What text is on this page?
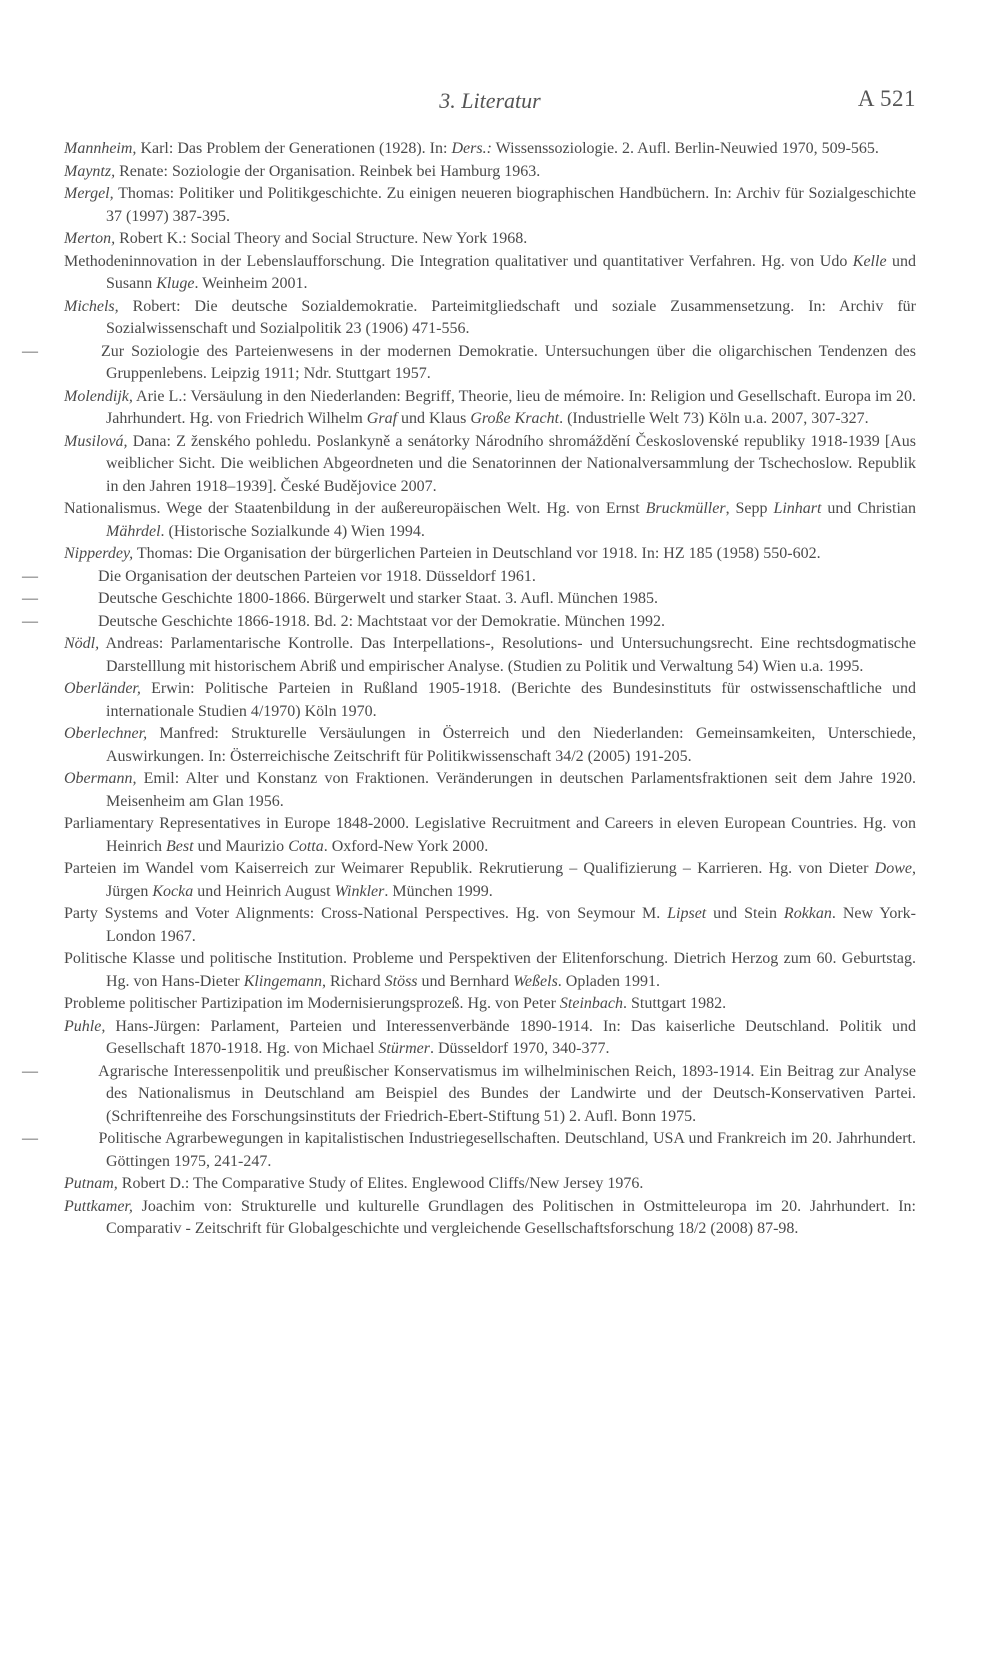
3. Literatur	A 521

Mannheim, Karl: Das Problem der Generationen (1928). In: Ders.: Wissenssoziologie. 2. Aufl. Berlin-Neuwied 1970, 509-565.

Mayntz, Renate: Soziologie der Organisation. Reinbek bei Hamburg 1963.

Mergel, Thomas: Politiker und Politikgeschichte. Zu einigen neueren biographischen Handbüchern. In: Archiv für Sozialgeschichte 37 (1997) 387-395.

Merton, Robert K.: Social Theory and Social Structure. New York 1968.

Methodeninnovation in der Lebenslaufforschung. Die Integration qualitativer und quantitativer Verfahren. Hg. von Udo Kelle und Susann Kluge. Weinheim 2001.

Michels, Robert: Die deutsche Sozialdemokratie. Parteimitgliedschaft und soziale Zusammensetzung. In: Archiv für Sozialwissenschaft und Sozialpolitik 23 (1906) 471-556.

—	Zur Soziologie des Parteienwesens in der modernen Demokratie. Untersuchungen über die oligarchischen Tendenzen des Gruppenlebens. Leipzig 1911; Ndr. Stuttgart 1957.

Molendijk, Arie L.: Versäulung in den Niederlanden: Begriff, Theorie, lieu de mémoire. In: Religion und Gesellschaft. Europa im 20. Jahrhundert. Hg. von Friedrich Wilhelm Graf und Klaus Große Kracht. (Industrielle Welt 73) Köln u.a. 2007, 307-327.

Musilová, Dana: Z ženského pohledu. Poslankyně a senátorky Národního shromáždění Československé republiky 1918-1939 [Aus weiblicher Sicht. Die weiblichen Abgeordneten und die Senatorinnen der Nationalversammlung der Tschechoslow. Republik in den Jahren 1918–1939]. České Budějovice 2007.

Nationalismus. Wege der Staatenbildung in der außereuropäischen Welt. Hg. von Ernst Bruckmüller, Sepp Linhart und Christian Mährdel. (Historische Sozialkunde 4) Wien 1994.

Nipperdey, Thomas: Die Organisation der bürgerlichen Parteien in Deutschland vor 1918. In: HZ 185 (1958) 550-602.

—	Die Organisation der deutschen Parteien vor 1918. Düsseldorf 1961.

—	Deutsche Geschichte 1800-1866. Bürgerwelt und starker Staat. 3. Aufl. München 1985.

—	Deutsche Geschichte 1866-1918. Bd. 2: Machtstaat vor der Demokratie. München 1992.

Nödl, Andreas: Parlamentarische Kontrolle. Das Interpellations-, Resolutions- und Untersuchungsrecht. Eine rechtsdogmatische Darstelllung mit historischem Abriß und empirischer Analyse. (Studien zu Politik und Verwaltung 54) Wien u.a. 1995.

Oberländer, Erwin: Politische Parteien in Rußland 1905-1918. (Berichte des Bundesinstituts für ostwissenschaftliche und internationale Studien 4/1970) Köln 1970.

Oberlechner, Manfred: Strukturelle Versäulungen in Österreich und den Niederlanden: Gemeinsamkeiten, Unterschiede, Auswirkungen. In: Österreichische Zeitschrift für Politikwissenschaft 34/2 (2005) 191-205.

Obermann, Emil: Alter und Konstanz von Fraktionen. Veränderungen in deutschen Parlamentsfraktionen seit dem Jahre 1920. Meisenheim am Glan 1956.

Parliamentary Representatives in Europe 1848-2000. Legislative Recruitment and Careers in eleven European Countries. Hg. von Heinrich Best und Maurizio Cotta. Oxford-New York 2000.

Parteien im Wandel vom Kaiserreich zur Weimarer Republik. Rekrutierung – Qualifizierung – Karrieren. Hg. von Dieter Dowe, Jürgen Kocka und Heinrich August Winkler. München 1999.

Party Systems and Voter Alignments: Cross-National Perspectives. Hg. von Seymour M. Lipset und Stein Rokkan. New York-London 1967.

Politische Klasse und politische Institution. Probleme und Perspektiven der Elitenforschung. Dietrich Herzog zum 60. Geburtstag. Hg. von Hans-Dieter Klingemann, Richard Stöss und Bernhard Weßels. Opladen 1991.

Probleme politischer Partizipation im Modernisierungsprozeß. Hg. von Peter Steinbach. Stuttgart 1982.

Puhle, Hans-Jürgen: Parlament, Parteien und Interessenverbände 1890-1914. In: Das kaiserliche Deutschland. Politik und Gesellschaft 1870-1918. Hg. von Michael Stürmer. Düsseldorf 1970, 340-377.

—	Agrarische Interessenpolitik und preußischer Konservatismus im wilhelminischen Reich, 1893-1914. Ein Beitrag zur Analyse des Nationalismus in Deutschland am Beispiel des Bundes der Landwirte und der Deutsch-Konservativen Partei. (Schriftenreihe des Forschungsinstituts der Friedrich-Ebert-Stiftung 51) 2. Aufl. Bonn 1975.

—	Politische Agrarbewegungen in kapitalistischen Industriegesellschaften. Deutschland, USA und Frankreich im 20. Jahrhundert. Göttingen 1975, 241-247.

Putnam, Robert D.: The Comparative Study of Elites. Englewood Cliffs/New Jersey 1976.

Puttkamer, Joachim von: Strukturelle und kulturelle Grundlagen des Politischen in Ostmitteleuropa im 20. Jahrhundert. In: Comparativ - Zeitschrift für Globalgeschichte und vergleichende Gesellschaftsforschung 18/2 (2008) 87-98.
